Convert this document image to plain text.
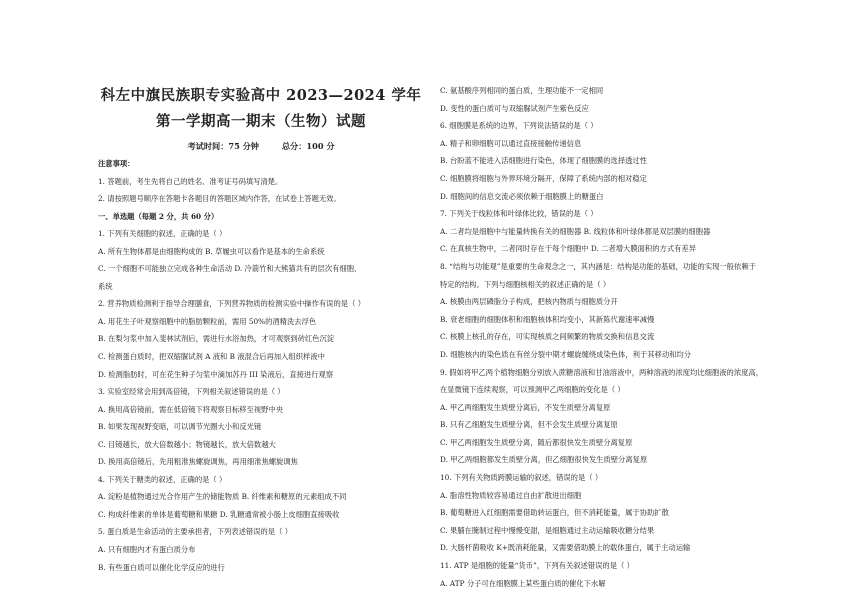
科左中旗民族职专实验高中 2023—2024 学年
第一学期高一期末（生物）试题
考试时间：75 分钟	总分：100 分
注意事项：
1. 答题前，考生先将自己的姓名、准考证号码填写清楚。
2. 请按照题号顺序在答题卡各题目的答题区域内作答，在试卷上答题无效。
一、单选题（每题 2 分，共 60 分）
1. 下列有关细胞的叙述，正确的是（ ）
A. 所有生物体都是由细胞构成的 B. 草履虫可以看作是基本的生命系统
C. 一个细胞不可能独立完成各种生命活动 D. 冷箭竹和大熊猫共有的层次有细胞、
系统
2. 营养物质检测利于指导合理膳食，下列营养物质的检测实验中操作有误的是（ ）
A. 用花生子叶观察细胞中的脂肪颗粒前，需用 50%的酒精洗去浮色
B. 在梨匀浆中加入斐林试剂后，需进行水浴加热，才可观察到砖红色沉淀
C. 检测蛋白质时，把双缩脲试剂 A 液和 B 液混合后再加入组织样液中
D. 检测脂肪时，可在花生种子匀浆中滴加苏丹 III 染液后，直接进行观察
3. 实验室经常会用到高倍镜，下列相关叙述错误的是（ ）
A. 换用高倍镜前，需在低倍镜下将观察目标移至视野中央
B. 如果发现视野变暗，可以调节光圈大小和反光镜
C. 目镜越长，放大倍数越小；物镜越长，放大倍数越大
D. 换用高倍镜后，先用粗准焦螺旋调焦，再用细准焦螺旋调焦
4. 下列关于糖类的叙述，正确的是（ ）
A. 淀粉是植物通过光合作用产生的储能物质 B. 纤维素和糖原的元素组成不同
C. 构成纤维素的单体是葡萄糖和果糖 D. 乳糖通常被小肠上皮细胞直接吸收
5. 蛋白质是生命活动的主要承担者，下列表述错误的是（ ）
A. 只有细胞内才有蛋白质分布
B. 有些蛋白质可以催化化学反应的进行
C. 氨基酸序列相同的蛋白质，生理功能不一定相同
D. 变性的蛋白质可与双缩脲试剂产生紫色反应
6. 细胞膜是系统的边界，下列说法错误的是（ ）
A. 精子和卵细胞可以通过直接接触传递信息
B. 台盼蓝不能进入活细胞进行染色，体现了细胞膜的选择透过性
C. 细胞膜将细胞与外界环境分隔开，保障了系统内部的相对稳定
D. 细胞间的信息交流必须依赖于细胞膜上的糖蛋白
7. 下列关于线粒体和叶绿体比较，错误的是（ ）
A. 二者均是细胞中与能量转换有关的细胞器 B. 线粒体和叶绿体都是双层膜的细胞器
C. 在真核生物中，二者同时存在于每个细胞中 D. 二者增大膜面积的方式有差异
8. “结构与功能观”是重要的生命观念之一，其内涵是：结构是功能的基础，功能的实现一般依赖于
特定的结构。下列与细胞核相关的叙述正确的是（ ）
A. 核膜由两层磷脂分子构成，把核内物质与细胞质分开
B. 衰老细胞的细胞体积和细胞核体积均变小，其新陈代谢速率减慢
C. 核膜上核孔的存在，可实现核质之间频繁的物质交换和信息交流
D. 细胞核内的染色质在有丝分裂中期才螺旋缠绕成染色体，利于其移动和均分
9. 假如将甲乙两个植物细胞分别放入蔗糖溶液和甘油溶液中，两种溶液的浓度均比细胞液的浓度高，
在显微镜下连续观察，可以预测甲乙两细胞的变化是（ ）
A. 甲乙两细胞发生质壁分离后，不发生质壁分离复原
B. 只有乙细胞发生质壁分离，但不会发生质壁分离复原
C. 甲乙两细胞发生质壁分离，随后都很快发生质壁分离复原
D. 甲乙两细胞都发生质壁分离，但乙细胞很快发生质壁分离复原
10. 下列有关物质跨膜运输的叙述，错误的是（ ）
A. 脂溶性物质较容易通过自由扩散进出细胞
B. 葡萄糖进入红细胞需要借助转运蛋白，但不消耗能量，属于协助扩散
C. 果脯在腌制过程中慢慢变甜，是细胞通过主动运输吸收糖分结果
D. 大肠杆菌吸收 K+既消耗能量，又需要借助膜上的载体蛋白，属于主动运输
11. ATP 是细胞的能量“货币”，下列有关叙述错误的是（ ）
A. ATP 分子可在细胞膜上某些蛋白质的催化下水解
